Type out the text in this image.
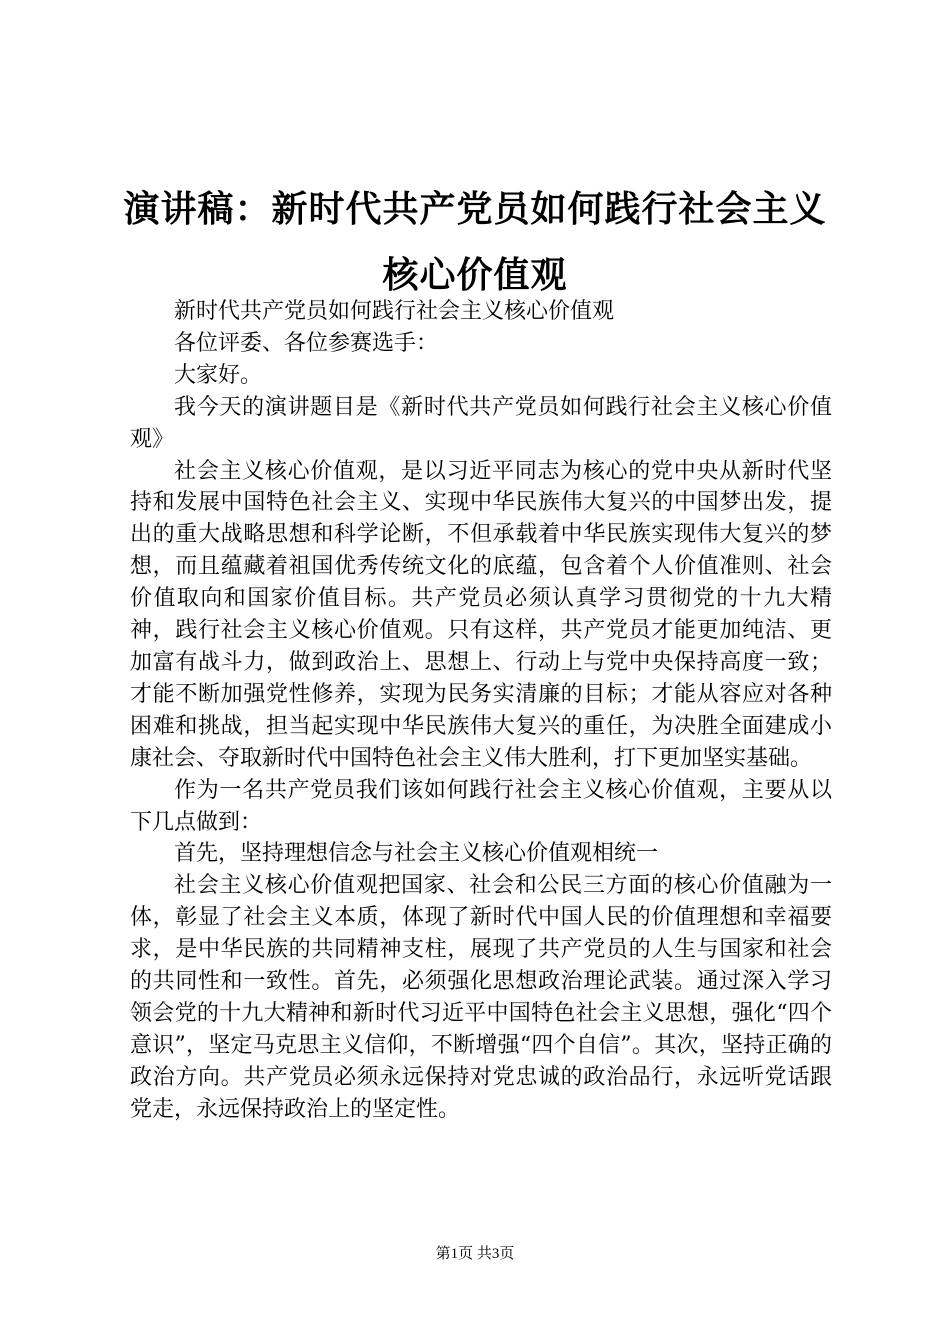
演讲稿：新时代共产党员如何践行社会主义核心价值观

新时代共产党员如何践行社会主义核心价值观

各位评委、各位参赛选手：

大家好。

我今天的演讲题目是《新时代共产党员如何践行社会主义核心价值观》

社会主义核心价值观，是以习近平同志为核心的党中央从新时代坚持和发展中国特色社会主义、实现中华民族伟大复兴的中国梦出发，提出的重大战略思想和科学论断，不但承载着中华民族实现伟大复兴的梦想，而且蕴藏着祖国优秀传统文化的底蕴，包含着个人价值准则、社会价值取向和国家价值目标。共产党员必须认真学习贯彻党的十九大精神，践行社会主义核心价值观。只有这样，共产党员才能更加纯洁、更加富有战斗力，做到政治上、思想上、行动上与党中央保持高度一致；才能不断加强党性修养，实现为民务实清廉的目标；才能从容应对各种困难和挑战，担当起实现中华民族伟大复兴的重任，为决胜全面建成小康社会、夺取新时代中国特色社会主义伟大胜利，打下更加坚实基础。

作为一名共产党员我们该如何践行社会主义核心价值观，主要从以下几点做到：

首先，坚持理想信念与社会主义核心价值观相统一

社会主义核心价值观把国家、社会和公民三方面的核心价值融为一体，彰显了社会主义本质，体现了新时代中国人民的价值理想和幸福要求，是中华民族的共同精神支柱，展现了共产党员的人生与国家和社会的共同性和一致性。首先，必须强化思想政治理论武装。通过深入学习领会党的十九大精神和新时代习近平中国特色社会主义思想，强化“四个意识”，坚定马克思主义信仰，不断增强“四个自信”。其次，坚持正确的政治方向。共产党员必须永远保持对党忠诚的政治品行，永远听党话跟党走，永远保持政治上的坚定性。

第1页 共3页
